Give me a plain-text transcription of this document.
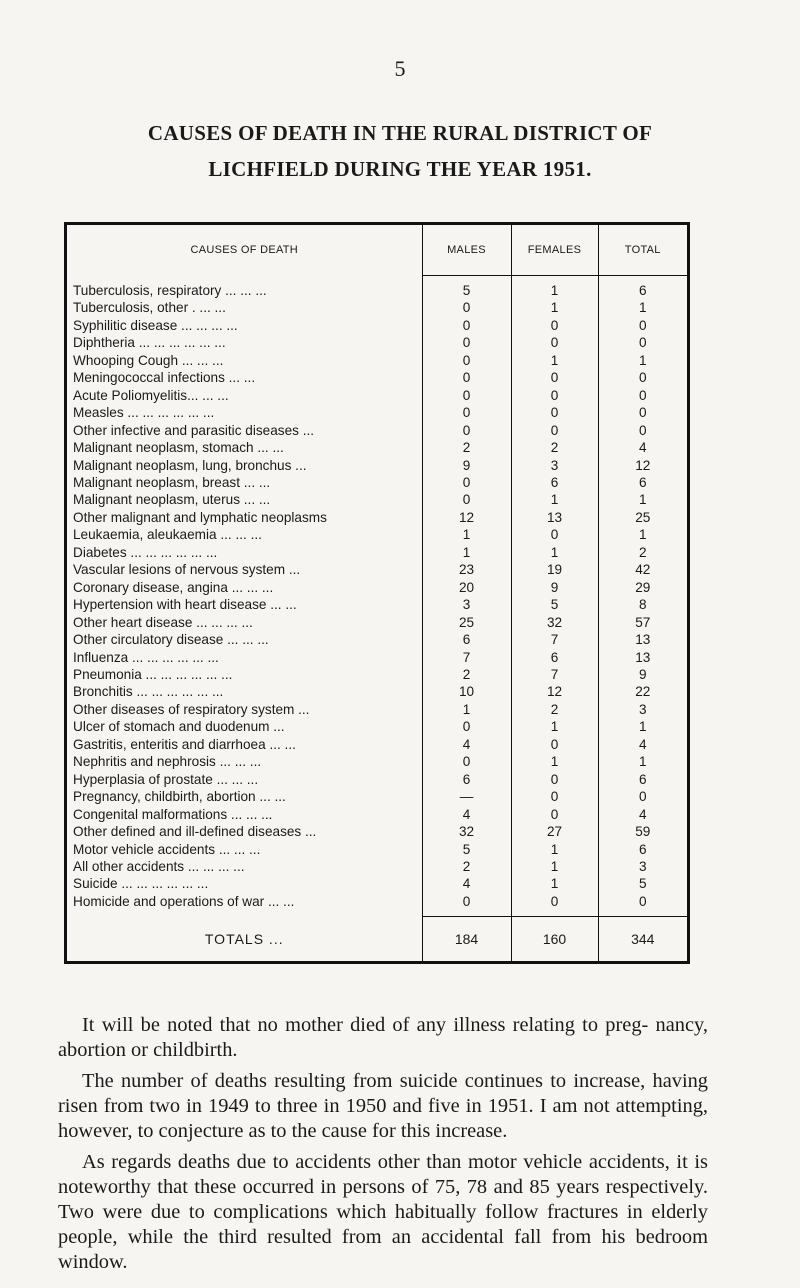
5
CAUSES OF DEATH IN THE RURAL DISTRICT OF
LICHFIELD DURING THE YEAR 1951.
CAUSES OF DEATH	MALES	FEMALES	TOTAL

Tuberculosis, respiratory ... ... ...	5	1	6
Tuberculosis, other . ... ...	0	1	1
Syphilitic disease ... ... ... ...	0	0	0
Diphtheria ... ... ... ... ... ...	0	0	0
Whooping Cough ... ... ...	0	1	1
Meningococcal infections ... ...	0	0	0
Acute Poliomyelitis... ... ...	0	0	0
Measles ... ... ... ... ... ...	0	0	0
Other infective and parasitic diseases ...	0	0	0
Malignant neoplasm, stomach ... ...	2	2	4
Malignant neoplasm, lung, bronchus ...	9	3	12
Malignant neoplasm, breast ... ...	0	6	6
Malignant neoplasm, uterus ... ...	0	1	1
Other malignant and lymphatic neoplasms	12	13	25
Leukaemia, aleukaemia ... ... ...	1	0	1
Diabetes ... ... ... ... ... ...	1	1	2
Vascular lesions of nervous system ...	23	19	42
Coronary disease, angina ... ... ...	20	9	29
Hypertension with heart disease ... ...	3	5	8
Other heart disease ... ... ... ...	25	32	57
Other circulatory disease ... ... ...	6	7	13
Influenza ... ... ... ... ... ...	7	6	13
Pneumonia ... ... ... ... ... ...	2	7	9
Bronchitis ... ... ... ... ... ...	10	12	22
Other diseases of respiratory system ...	1	2	3
Ulcer of stomach and duodenum ...	0	1	1
Gastritis, enteritis and diarrhoea ... ...	4	0	4
Nephritis and nephrosis ... ... ...	0	1	1
Hyperplasia of prostate ... ... ...	6	0	6
Pregnancy, childbirth, abortion ... ...	—	0	0
Congenital malformations ... ... ...	4	0	4
Other defined and ill-defined diseases ...	32	27	59
Motor vehicle accidents ... ... ...	5	1	6
All other accidents ... ... ... ...	2	1	3
Suicide ... ... ... ... ... ...	4	1	5
Homicide and operations of war ... ...	0	0	0

TOTALS ...	184	160	344

It will be noted that no mother died of any illness relating to preg- nancy, abortion or childbirth.

The number of deaths resulting from suicide continues to increase, having risen from two in 1949 to three in 1950 and five in 1951. I am not attempting, however, to conjecture as to the cause for this increase.

As regards deaths due to accidents other than motor vehicle accidents, it is noteworthy that these occurred in persons of 75, 78 and 85 years respectively. Two were due to complications which habitually follow fractures in elderly people, while the third resulted from an accidental fall from his bedroom window.
